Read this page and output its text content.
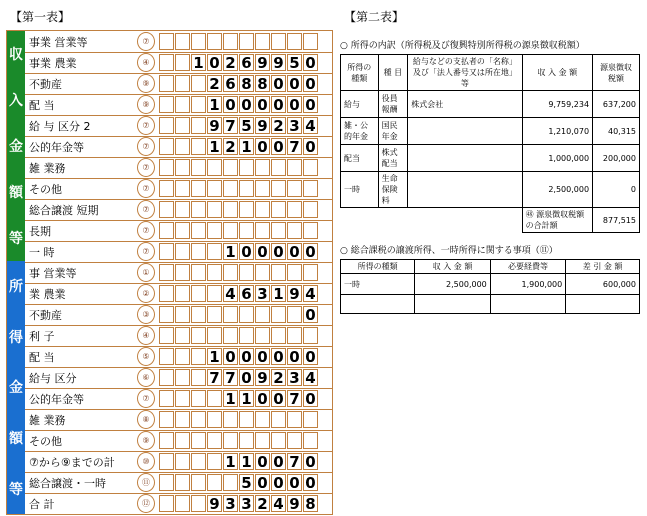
【第一表】	【第二表】
収
入
金
額
等
所
得
金
額
等
事業 営業等	⑦
事業 農業	④	1 0 2 6 9 9 5 0
不動産	⑨	2 6 8 8 0 0 0
配 当	⑨	1 0 0 0 0 0 0
給 与 区分 2	⑦	9 7 5 9 2 3 4
公的年金等	⑦	1 2 1 0 0 7 0
雑 業務	⑦
その他	⑦
総合譲渡 短期	⑦
長期	⑦
一 時	⑦	1 0 0 0 0 0
事 営業等	①
業 農業	②	4 6 3 1 9 4
不動産	③	0
利 子	④
配 当	⑤	1 0 0 0 0 0 0
給与 区分	⑥	7 7 0 9 2 3 4
公的年金等	⑦	1 1 0 0 7 0
雑 業務	⑧
その他	⑨
⑦から⑨までの計	⑩	1 1 0 0 7 0
総合譲渡・一時	⑪	5 0 0 0 0
合 計	⑫	9 3 3 2 4 9 8
○ 所得の内訳（所得税及び復興特別所得税の源泉徴収税額）
所得の種類	種 目	給与などの支払者の「名称」及び「法人番号又は所在地」等	収 入 金 額	源泉徴収税額
給与	役員報酬	株式会社	9,759,234	637,200
雑・公的年金	国民年金		1,210,070	40,315
配当	株式配当		1,000,000	200,000
一時	生命保険料		2,500,000	0
			㊽ 源泉徴収税額の合計額	877,515
○ 総合課税の譲渡所得、一時所得に関する事項（⑪）
所得の種類	収 入 金 額	必要経費等	差 引 金 額
一時	2,500,000	1,900,000	600,000
